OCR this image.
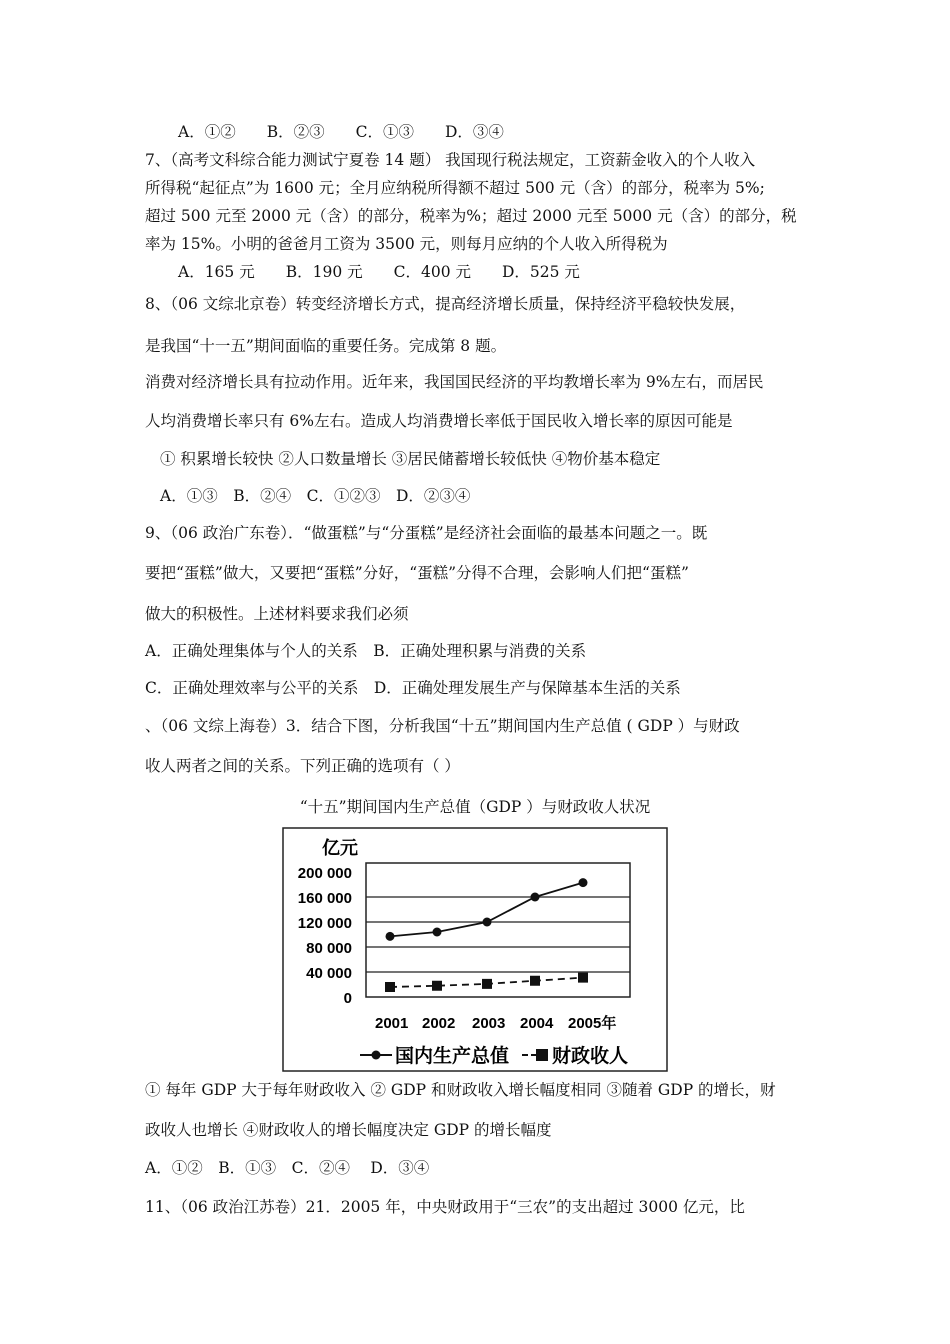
A．①②　　B．②③　　C．①③　　D．③④
7、（高考文科综合能力测试宁夏卷 14 题） 我国现行税法规定，工资薪金收入的个人收入
所得税“起征点”为 1600 元；全月应纳税所得额不超过 500 元（含）的部分，税率为 5%;
超过 500 元至 2000 元（含）的部分，税率为%；超过 2000 元至 5000 元（含）的部分，税
率为 15%。小明的爸爸月工资为 3500 元，则每月应纳的个人收入所得税为
A．165 元　　B．190 元　　C．400 元　　D．525 元
8、（06 文综北京卷）转变经济增长方式，提高经济增长质量，保持经济平稳较快发展，
是我国“十一五”期间面临的重要任务。完成第 8 题。
消费对经济增长具有拉动作用。近年来，我国国民经济的平均教增长率为 9%左右，而居民
人均消费增长率只有 6%左右。造成人均消费增长率低于国民收入增长率的原因可能是
① 积累增长较快 ②人口数量增长 ③居民储蓄增长较低快 ④物价基本稳定
A．①③　B．②④　C．①②③　D．②③④
9、（06 政治广东卷）．“做蛋糕”与“分蛋糕”是经济社会面临的最基本问题之一。既
要把“蛋糕”做大，又要把“蛋糕”分好，“蛋糕”分得不合理，会影响人们把“蛋糕”
做大的积极性。上述材料要求我们必须
A．正确处理集体与个人的关系　B．正确处理积累与消费的关系
C．正确处理效率与公平的关系　D．正确处理发展生产与保障基本生活的关系
、（06 文综上海卷）3．结合下图，分析我国“十五”期间国内生产总值 ( GDP ）与财政
收人两者之间的关系。下列正确的选项有（ ）
“十五”期间国内生产总值（GDP ）与财政收人状况
亿元
200 000
160 000
120 000
80 000
40 000
0
2001 2002 2003 2004 2005年
国内生产总值 财政收人
① 每年 GDP 大于每年财政收入 ② GDP 和财政收入增长幅度相同 ③随着 GDP 的增长，财
政收人也增长 ④财政收人的增长幅度决定 GDP 的增长幅度
A．①②　B．①③　C．②④　 D．③④
11、（06 政治江苏卷）21．2005 年，中央财政用于“三农”的支出超过 3000 亿元，比
